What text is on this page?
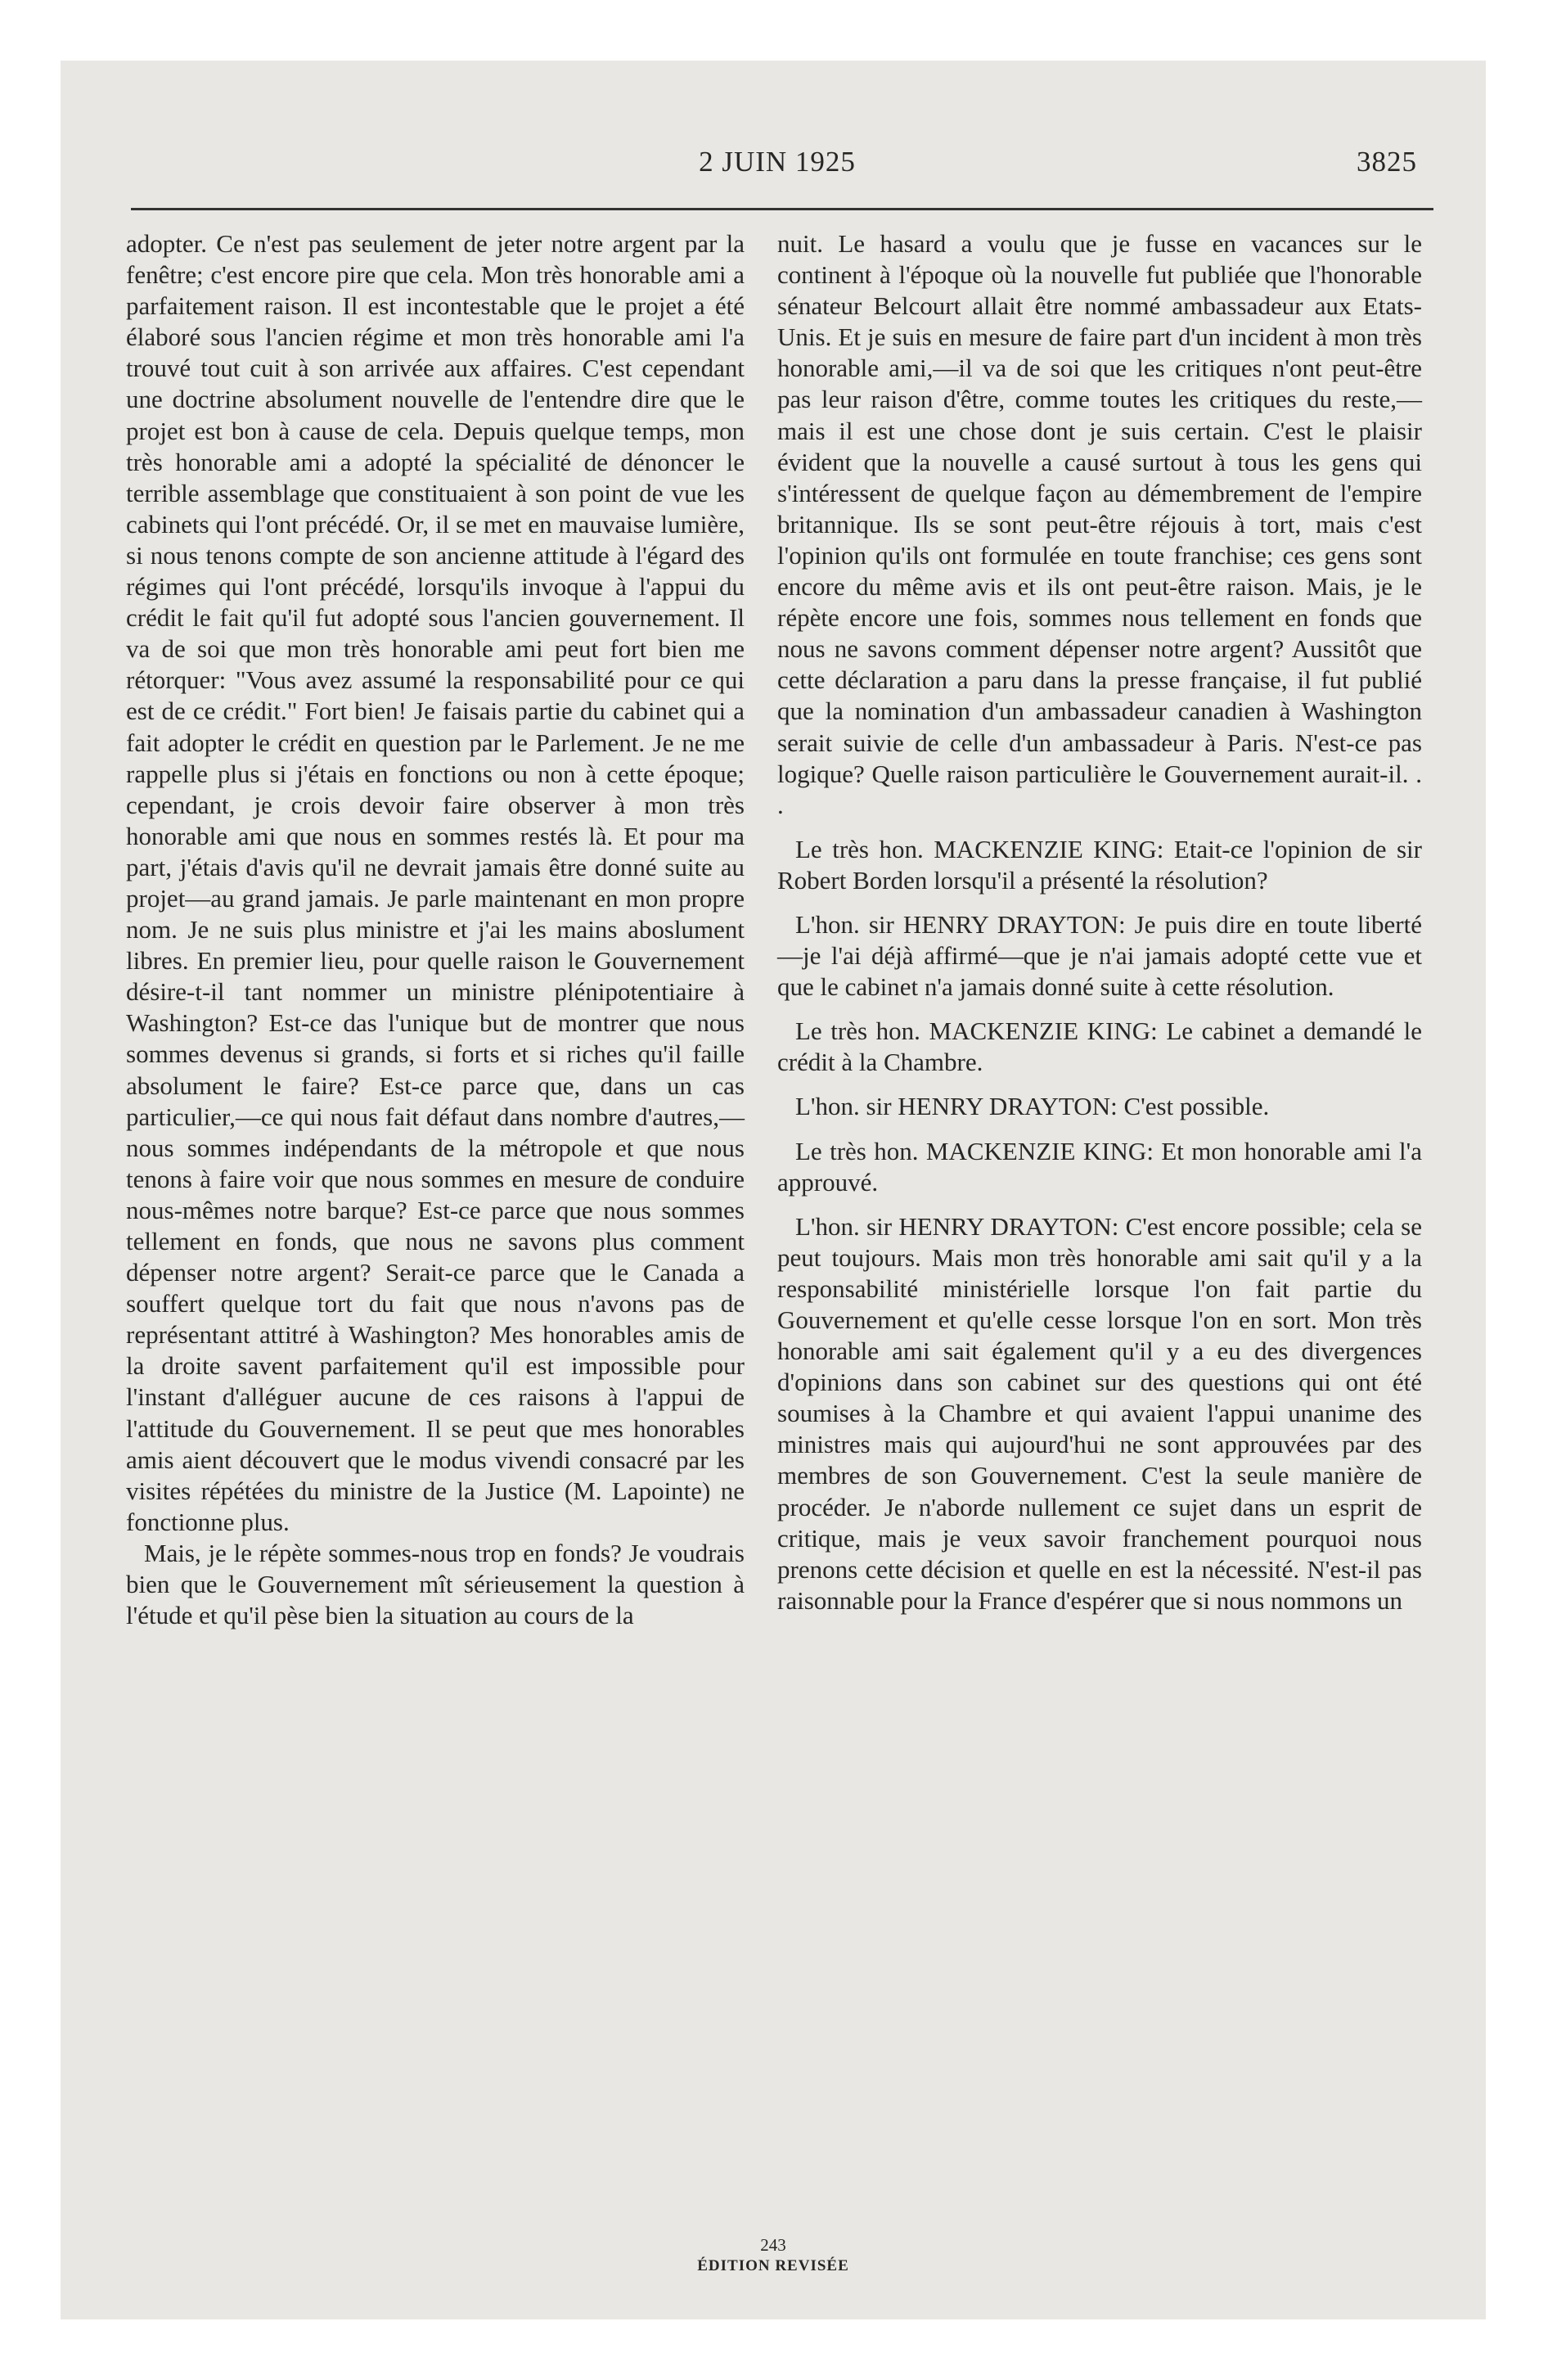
2 JUIN 1925	3825

adopter. Ce n'est pas seulement de jeter notre argent par la fenêtre; c'est encore pire que cela. Mon très honorable ami a parfaitement raison. Il est incontestable que le projet a été élaboré sous l'ancien régime et mon très honorable ami l'a trouvé tout cuit à son arrivée aux affaires. C'est cependant une doctrine absolument nouvelle de l'entendre dire que le projet est bon à cause de cela. Depuis quelque temps, mon très honorable ami a adopté la spécialité de dénoncer le terrible assemblage que constituaient à son point de vue les cabinets qui l'ont précédé. Or, il se met en mauvaise lumière, si nous tenons compte de son ancienne attitude à l'égard des régimes qui l'ont précédé, lorsqu'ils invoque à l'appui du crédit le fait qu'il fut adopté sous l'ancien gouvernement. Il va de soi que mon très honorable ami peut fort bien me rétorquer: "Vous avez assumé la responsabilité pour ce qui est de ce crédit." Fort bien! Je faisais partie du cabinet qui a fait adopter le crédit en question par le Parlement. Je ne me rappelle plus si j'étais en fonctions ou non à cette époque; cependant, je crois devoir faire observer à mon très honorable ami que nous en sommes restés là. Et pour ma part, j'étais d'avis qu'il ne devrait jamais être donné suite au projet—au grand jamais. Je parle maintenant en mon propre nom. Je ne suis plus ministre et j'ai les mains aboslument libres. En premier lieu, pour quelle raison le Gouvernement désire-t-il tant nommer un ministre plénipotentiaire à Washington? Est-ce das l'unique but de montrer que nous sommes devenus si grands, si forts et si riches qu'il faille absolument le faire? Est-ce parce que, dans un cas particulier,—ce qui nous fait défaut dans nombre d'autres,—nous sommes indépendants de la métropole et que nous tenons à faire voir que nous sommes en mesure de conduire nous-mêmes notre barque? Est-ce parce que nous sommes tellement en fonds, que nous ne savons plus comment dépenser notre argent? Serait-ce parce que le Canada a souffert quelque tort du fait que nous n'avons pas de représentant attitré à Washington? Mes honorables amis de la droite savent parfaitement qu'il est impossible pour l'instant d'alléguer aucune de ces raisons à l'appui de l'attitude du Gouvernement. Il se peut que mes honorables amis aient découvert que le modus vivendi consacré par les visites répétées du ministre de la Justice (M. Lapointe) ne fonctionne plus.

Mais, je le répète sommes-nous trop en fonds? Je voudrais bien que le Gouvernement mît sérieusement la question à l'étude et qu'il pèse bien la situation au cours de la

nuit. Le hasard a voulu que je fusse en vacances sur le continent à l'époque où la nouvelle fut publiée que l'honorable sénateur Belcourt allait être nommé ambassadeur aux Etats-Unis. Et je suis en mesure de faire part d'un incident à mon très honorable ami,—il va de soi que les critiques n'ont peut-être pas leur raison d'être, comme toutes les critiques du reste,—mais il est une chose dont je suis certain. C'est le plaisir évident que la nouvelle a causé surtout à tous les gens qui s'intéressent de quelque façon au démembrement de l'empire britannique. Ils se sont peut-être réjouis à tort, mais c'est l'opinion qu'ils ont formulée en toute franchise; ces gens sont encore du même avis et ils ont peut-être raison. Mais, je le répète encore une fois, sommes nous tellement en fonds que nous ne savons comment dépenser notre argent? Aussitôt que cette déclaration a paru dans la presse française, il fut publié que la nomination d'un ambassadeur canadien à Washington serait suivie de celle d'un ambassadeur à Paris. N'est-ce pas logique? Quelle raison particulière le Gouvernement aurait-il. . .

Le très hon. MACKENZIE KING: Etait-ce l'opinion de sir Robert Borden lorsqu'il a présenté la résolution?

L'hon. sir HENRY DRAYTON: Je puis dire en toute liberté—je l'ai déjà affirmé—que je n'ai jamais adopté cette vue et que le cabinet n'a jamais donné suite à cette résolution.

Le très hon. MACKENZIE KING: Le cabinet a demandé le crédit à la Chambre.

L'hon. sir HENRY DRAYTON: C'est possible.

Le très hon. MACKENZIE KING: Et mon honorable ami l'a approuvé.

L'hon. sir HENRY DRAYTON: C'est encore possible; cela se peut toujours. Mais mon très honorable ami sait qu'il y a la responsabilité ministérielle lorsque l'on fait partie du Gouvernement et qu'elle cesse lorsque l'on en sort. Mon très honorable ami sait également qu'il y a eu des divergences d'opinions dans son cabinet sur des questions qui ont été soumises à la Chambre et qui avaient l'appui unanime des ministres mais qui aujourd'hui ne sont approuvées par des membres de son Gouvernement. C'est la seule manière de procéder. Je n'aborde nullement ce sujet dans un esprit de critique, mais je veux savoir franchement pourquoi nous prenons cette décision et quelle en est la nécessité. N'est-il pas raisonnable pour la France d'espérer que si nous nommons un

243
ÉDITION REVISÉE
